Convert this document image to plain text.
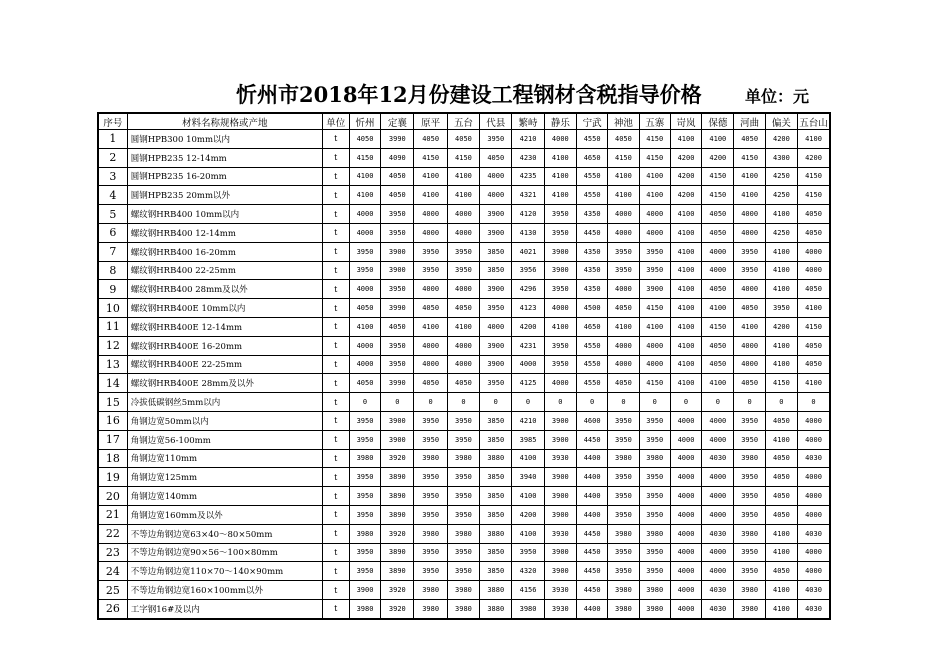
忻州市2018年12月份建设工程钢材含税指导价格	单位：元
序号	材料名称规格或产地	单位	忻州	定襄	原平	五台	代县	繁峙	静乐	宁武	神池	五寨	岢岚	保德	河曲	偏关	五台山
1	圆钢HPB300 10mm以内	t	4050	3990	4050	4050	3950	4210	4000	4550	4050	4150	4100	4100	4050	4200	4100
2	圆钢HPB235 12-14mm	t	4150	4090	4150	4150	4050	4230	4100	4650	4150	4150	4200	4200	4150	4300	4200
3	圆钢HPB235 16-20mm	t	4100	4050	4100	4100	4000	4235	4100	4550	4100	4100	4200	4150	4100	4250	4150
4	圆钢HPB235 20mm以外	t	4100	4050	4100	4100	4000	4321	4100	4550	4100	4100	4200	4150	4100	4250	4150
5	螺纹钢HRB400 10mm以内	t	4000	3950	4000	4000	3900	4120	3950	4350	4000	4000	4100	4050	4000	4100	4050
6	螺纹钢HRB400 12-14mm	t	4000	3950	4000	4000	3900	4130	3950	4450	4000	4000	4100	4050	4000	4250	4050
7	螺纹钢HRB400 16-20mm	t	3950	3900	3950	3950	3850	4021	3900	4350	3950	3950	4100	4000	3950	4100	4000
8	螺纹钢HRB400 22-25mm	t	3950	3900	3950	3950	3850	3956	3900	4350	3950	3950	4100	4000	3950	4100	4000
9	螺纹钢HRB400 28mm及以外	t	4000	3950	4000	4000	3900	4296	3950	4350	4000	3900	4100	4050	4000	4100	4050
10	螺纹钢HRB400E 10mm以内	t	4050	3990	4050	4050	3950	4123	4000	4500	4050	4150	4100	4100	4050	3950	4100
11	螺纹钢HRB400E 12-14mm	t	4100	4050	4100	4100	4000	4200	4100	4650	4100	4100	4100	4150	4100	4200	4150
12	螺纹钢HRB400E 16-20mm	t	4000	3950	4000	4000	3900	4231	3950	4550	4000	4000	4100	4050	4000	4100	4050
13	螺纹钢HRB400E 22-25mm	t	4000	3950	4000	4000	3900	4000	3950	4550	4000	4000	4100	4050	4000	4100	4050
14	螺纹钢HRB400E 28mm及以外	t	4050	3990	4050	4050	3950	4125	4000	4550	4050	4150	4100	4100	4050	4150	4100
15	冷拔低碳钢丝5mm以内	t	0	0	0	0	0	0	0	0	0	0	0	0	0	0	0
16	角钢边宽50mm以内	t	3950	3900	3950	3950	3850	4210	3900	4600	3950	3950	4000	4000	3950	4050	4000
17	角钢边宽56-100mm	t	3950	3900	3950	3950	3850	3985	3900	4450	3950	3950	4000	4000	3950	4100	4000
18	角钢边宽110mm	t	3980	3920	3980	3980	3880	4100	3930	4400	3980	3980	4000	4030	3980	4050	4030
19	角钢边宽125mm	t	3950	3890	3950	3950	3850	3940	3900	4400	3950	3950	4000	4000	3950	4050	4000
20	角钢边宽140mm	t	3950	3890	3950	3950	3850	4100	3900	4400	3950	3950	4000	4000	3950	4050	4000
21	角钢边宽160mm及以外	t	3950	3890	3950	3950	3850	4200	3900	4400	3950	3950	4000	4000	3950	4050	4000
22	不等边角钢边宽63×40～80×50mm	t	3980	3920	3980	3980	3880	4100	3930	4450	3980	3980	4000	4030	3980	4100	4030
23	不等边角钢边宽90×56～100×80mm	t	3950	3890	3950	3950	3850	3950	3900	4450	3950	3950	4000	4000	3950	4100	4000
24	不等边角钢边宽110×70～140×90mm	t	3950	3890	3950	3950	3850	4320	3900	4450	3950	3950	4000	4000	3950	4050	4000
25	不等边角钢边宽160×100mm以外	t	3900	3920	3980	3980	3880	4156	3930	4450	3980	3980	4000	4030	3980	4100	4030
26	工字钢16#及以内	t	3980	3920	3980	3980	3880	3980	3930	4400	3980	3980	4000	4030	3980	4100	4030
